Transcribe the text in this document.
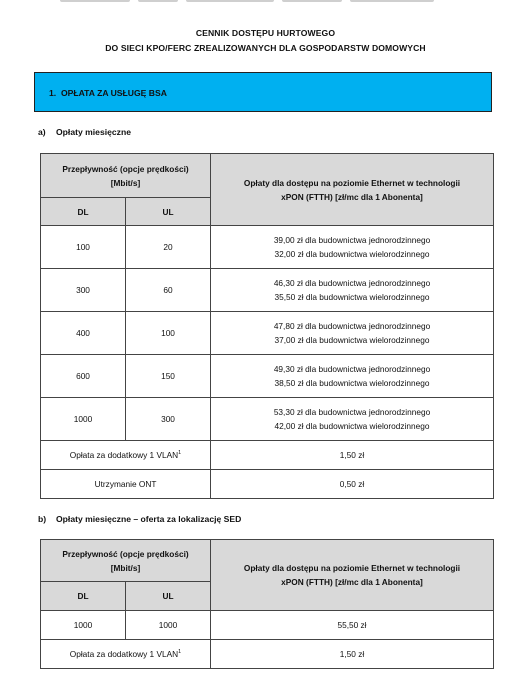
CENNIK DOSTĘPU HURTOWEGO
DO SIECI KPO/FERC ZREALIZOWANYCH DLA GOSPODARSTW DOMOWYCH
1. OPŁATA ZA USŁUGĘ BSA
a) Opłaty miesięczne
Przepływność (opcje prędkości)
[Mbit/s]		Opłaty dla dostępu na poziomie Ethernet w technologii
xPON (FTTH) [zł/mc dla 1 Abonenta]

DL	UL	
100	20	39,00 zł dla budownictwa jednorodzinnego
32,00 zł dla budownictwa wielorodzinnego

300	60	46,30 zł dla budownictwa jednorodzinnego
35,50 zł dla budownictwa wielorodzinnego

400	100	47,80 zł dla budownictwa jednorodzinnego
37,00 zł dla budownictwa wielorodzinnego

600	150	49,30 zł dla budownictwa jednorodzinnego
38,50 zł dla budownictwa wielorodzinnego

1000	300	53,30 zł dla budownictwa jednorodzinnego
42,00 zł dla budownictwa wielorodzinnego

Opłata za dodatkowy 1 VLAN$^1$		1,50 zł
Utrzymanie ONT		0,50 zł
b) Opłaty miesięczne – oferta za lokalizację SED
Przepływność (opcje prędkości)
[Mbit/s]		Opłaty dla dostępu na poziomie Ethernet w technologii
xPON (FTTH) [zł/mc dla 1 Abonenta]

DL	UL	
1000	1000	55,50 zł
Opłata za dodatkowy 1 VLAN$^1$		1,50 zł
